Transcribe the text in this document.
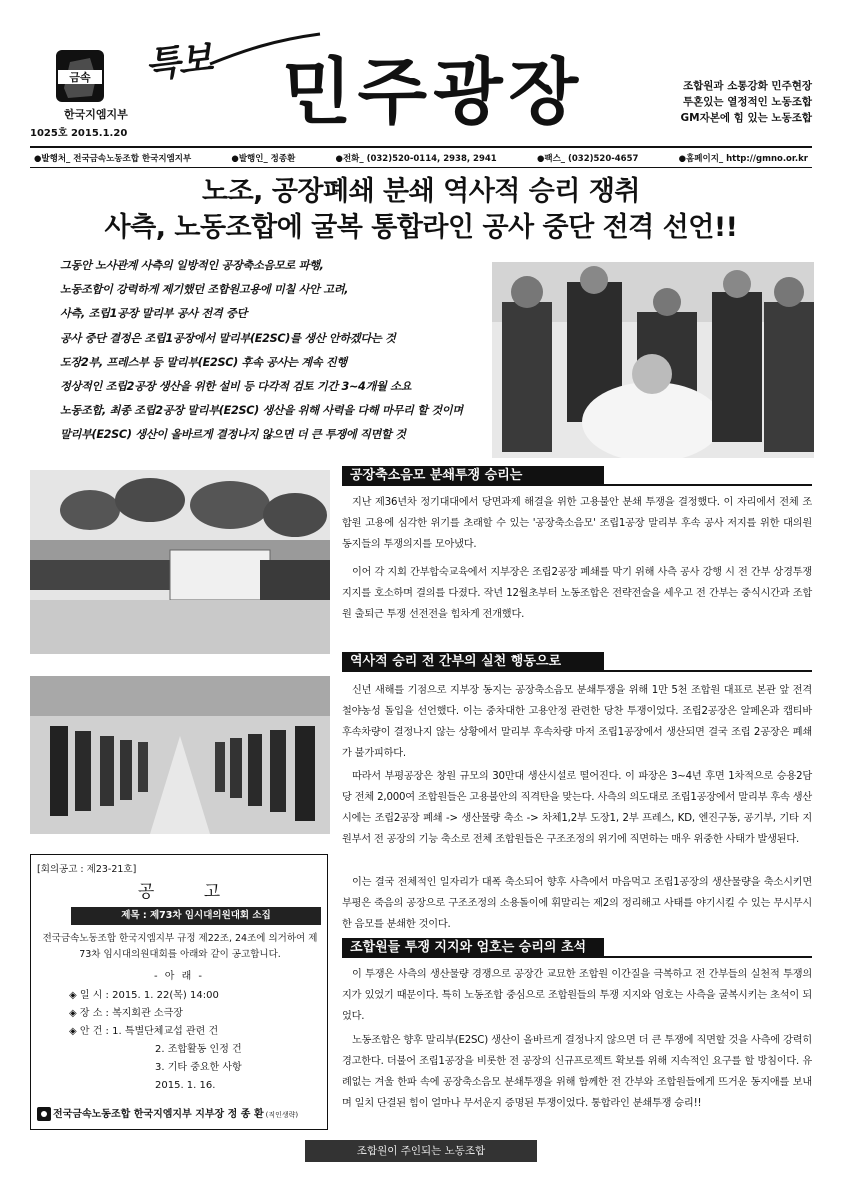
금속
한국지엠지부
1025호 2015.1.20
특보 민주광장	조합원과 소통강화 민주현장
투혼있는 열정적인 노동조합
GM자본에 힘 있는 노동조합
●발행처_ 전국금속노동조합 한국지엠지부	●발행인_ 정종환	●전화_ (032)520-0114, 2938, 2941	●팩스_ (032)520-4657	●홈페이지_ http://gmno.or.kr
노조, 공장폐쇄 분쇄 역사적 승리 쟁취
사측, 노동조합에 굴복 통합라인 공사 중단 전격 선언!!
그동안 노사관계 사측의 일방적인 공장축소음모로 파행,
노동조합이 강력하게 제기했던 조합원고용에 미칠 사안 고려,
사측, 조립1공장 말리부 공사 전격 중단
공사 중단 결정은 조립1공장에서 말리부(E2SC)를 생산 안하겠다는 것
도장2부, 프레스부 등 말리부(E2SC) 후속 공사는 계속 진행
정상적인 조립2공장 생산을 위한 설비 등 다각적 검토 기간 3~4개월 소요
노동조합, 최종 조립2공장 말리부(E2SC) 생산을 위해 사력을 다해 마무리 할 것이며
말리부(E2SC) 생산이 올바르게 결정나지 않으면 더 큰 투쟁에 직면할 것
공장축소음모 분쇄투쟁 승리는
지난 제36년차 정기대대에서 당면과제 해결을 위한 고용불안 분쇄 투쟁을 결정했다. 이 자리에서 전체 조합원 고용에 심각한 위기를 초래할 수 있는 '공장축소음모' 조립1공장 말리부 후속 공사 저지를 위한 대의원 동지들의 투쟁의지를 모아냈다.
이어 각 지회 간부합숙교육에서 지부장은 조립2공장 폐쇄를 막기 위해 사측 공사 강행 시 전 간부 상경투쟁 지지를 호소하며 결의를 다졌다. 작년 12월초부터 노동조합은 전략전술을 세우고 전 간부는 중식시간과 조합원 출퇴근 투쟁 선전전을 힘차게 전개했다.
역사적 승리 전 간부의 실천 행동으로
신년 새해를 기점으로 지부장 동지는 공장축소음모 분쇄투쟁을 위해 1만 5천 조합원 대표로 본관 앞 전격 철야농성 돌입을 선언했다. 이는 중차대한 고용안정 관련한 당찬 투쟁이었다. 조립2공장은 알페온과 캡티바 후속차량이 결정나지 않는 상황에서 말리부 후속차량 마저 조립1공장에서 생산되면 결국 조립 2공장은 폐쇄가 불가피하다.
따라서 부평공장은 창원 규모의 30만대 생산시설로 떨어진다. 이 파장은 3~4년 후면 1차적으로 승용2담당 전체 2,000여 조합원들은 고용불안의 직격탄을 맞는다. 사측의 의도대로 조립1공장에서 말리부 후속 생산 시에는 조립2공장 폐쇄 -> 생산물량 축소 -> 차체1,2부 도장1, 2부 프레스, KD, 엔진구동, 공기부, 기타 지원부서 전 공장의 기능 축소로 전체 조합원들은 구조조정의 위기에 직면하는 매우 위중한 사태가 발생된다.
이는 결국 전체적인 일자리가 대폭 축소되어 향후 사측에서 마음먹고 조립1공장의 생산물량을 축소시키면 부평은 죽음의 공장으로 구조조정의 소용돌이에 휘말리는 제2의 정리해고 사태를 야기시킬 수 있는 무시무시한 음모를 분쇄한 것이다.
조합원들 투쟁 지지와 엄호는 승리의 초석
이 투쟁은 사측의 생산물량 경쟁으로 공장간 교묘한 조합원 이간질을 극복하고 전 간부들의 실천적 투쟁의지가 있었기 때문이다. 특히 노동조합 중심으로 조합원들의 투쟁 지지와 엄호는 사측을 굴복시키는 초석이 되었다.
노동조합은 향후 말리부(E2SC) 생산이 올바르게 결정나지 않으면 더 큰 투쟁에 직면할 것을 사측에 강력히 경고한다. 더불어 조립1공장을 비롯한 전 공장의 신규프로젝트 확보를 위해 지속적인 요구를 할 방침이다. 유례없는 겨울 한파 속에 공장축소음모 분쇄투쟁을 위해 함께한 전 간부와 조합원들에게 뜨거운 동지애를 보내며 일치 단결된 힘이 얼마나 무서운지 증명된 투쟁이었다. 통합라인 분쇄투쟁 승리!!
[회의공고 : 제23-21호]
공 고
제목 : 제73차 임시대의원대회 소집
전국금속노동조합 한국지엠지부 규정 제22조, 24조에 의거하여 제73차 임시대의원대회를 아래와 같이 공고합니다.
- 아 래 -
◈ 일 시 : 2015. 1. 22(목) 14:00
◈ 장 소 : 복지회관 소극장
◈ 안 건 : 1. 특별단체교섭 관련 건
2. 조합활동 인정 건
3. 기타 중요한 사항
2015. 1. 16.
전국금속노동조합 한국지엠지부 지부장 정 종 환 (직인생략)
조합원이 주인되는 노동조합
